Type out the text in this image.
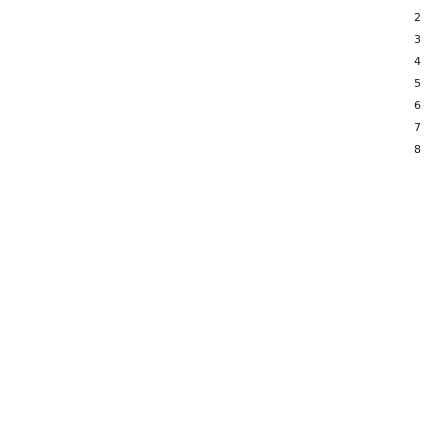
2
3
4
5
6
7
8
